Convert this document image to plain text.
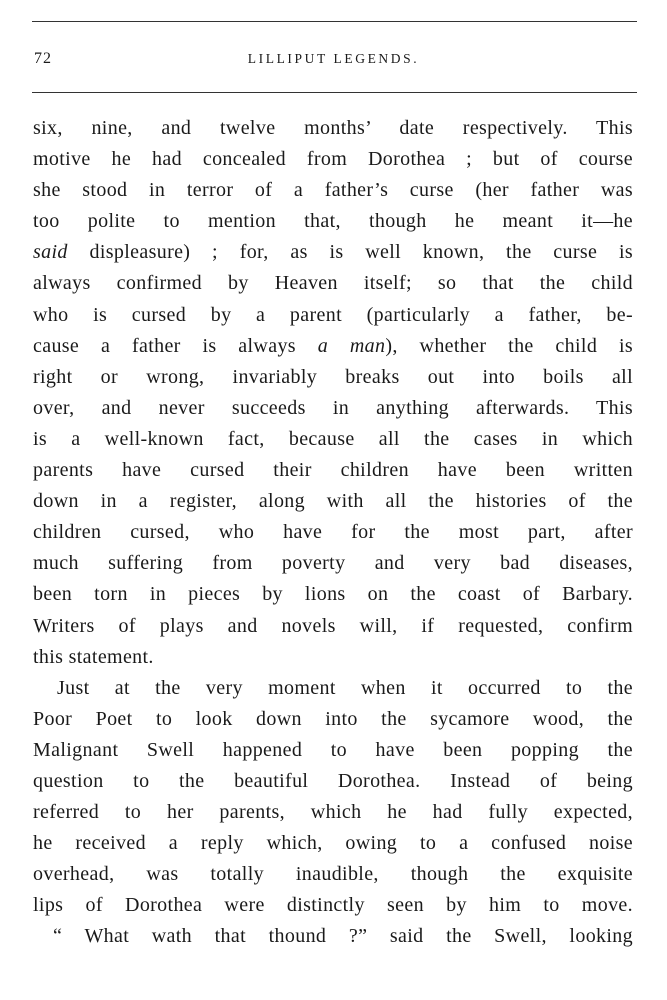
72	LILLIPUT LEGENDS.
six, nine, and twelve months’ date respectively. This
motive he had concealed from Dorothea ; but of course
she stood in terror of a father’s curse (her father was
too polite to mention that, though he meant it—he
said displeasure) ; for, as is well known, the curse is
always confirmed by Heaven itself; so that the child
who is cursed by a parent (particularly a father, be-
cause a father is always a man), whether the child is
right or wrong, invariably breaks out into boils all
over, and never succeeds in anything afterwards. This
is a well-known fact, because all the cases in which
parents have cursed their children have been written
down in a register, along with all the histories of the
children cursed, who have for the most part, after
much suffering from poverty and very bad diseases,
been torn in pieces by lions on the coast of Barbary.
Writers of plays and novels will, if requested, confirm
this statement.
Just at the very moment when it occurred to the
Poor Poet to look down into the sycamore wood, the
Malignant Swell happened to have been popping the
question to the beautiful Dorothea. Instead of being
referred to her parents, which he had fully expected,
he received a reply which, owing to a confused noise
overhead, was totally inaudible, though the exquisite
lips of Dorothea were distinctly seen by him to move.
“ What wath that thound ?” said the Swell, looking
